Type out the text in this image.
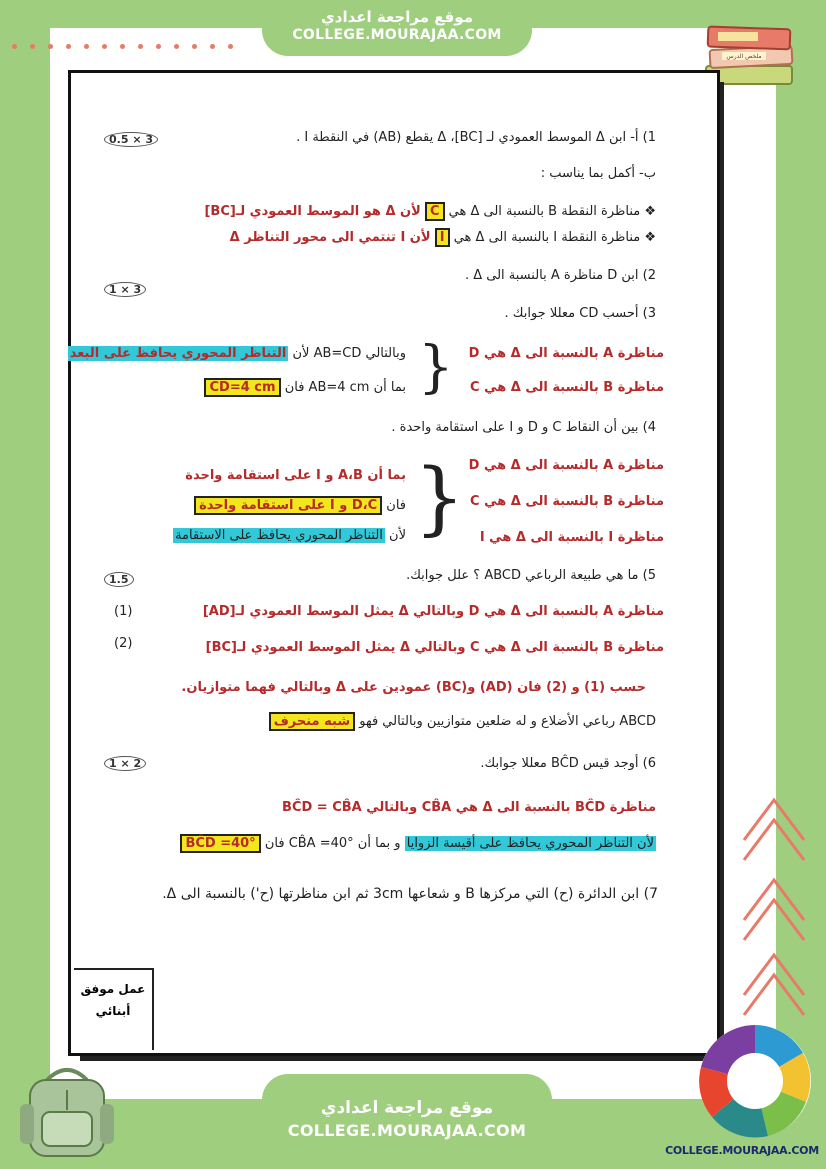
موقع مراجعة اعدادي
COLLEGE.MOURAJAA.COM
ملخص الدرس
0.5 × 3	1) أ- ابن Δ الموسط العمودي لـ [BC]، Δ يقطع (AB) في النقطة I .
ب- أكمل بما يناسب :
❖ مناظرة النقطة B بالنسبة الى Δ هي C لأن Δ هو الموسط العمودي لـ[BC]
❖ مناظرة النقطة I بالنسبة الى Δ هي I لأن I تنتمي الى محور التناظر Δ
1 × 3
2) ابن D مناظرة A بالنسبة الى Δ .
3) أحسب CD معللا جوابك .
مناظرة A بالنسبة الى Δ هي D
مناظرة B بالنسبة الى Δ هي C
{
وبالتالي AB=CD لأن التناظر المحوري يحافظ على البعد
بما أن AB=4 cm فان CD=4 cm
4) بين أن النقاط C و D و I على استقامة واحدة .
مناظرة A بالنسبة الى Δ هي D
مناظرة B بالنسبة الى Δ هي C
مناظرة I بالنسبة الى Δ هي I
{
بما أن A،B و I على استقامة واحدة
فان D،C و I على استقامة واحدة
لأن التناظر المحوري يحافظ على الاستقامة
1.5	5) ما هي طبيعة الرباعي ABCD ؟ علل جوابك.
(1)
(2)
مناظرة A بالنسبة الى Δ هي D وبالتالي Δ يمثل الموسط العمودي لـ[AD]
مناظرة B بالنسبة الى Δ هي C وبالتالي Δ يمثل الموسط العمودي لـ[BC]
حسب (1) و (2) فان (AD) و(BC) عمودين على Δ وبالتالي فهما متوازيان.
ABCD رباعي الأضلاع و له ضلعين متوازيين وبالتالي فهو شبه منحرف
1 × 2	6) أوجد قيس BĈD معللا جوابك.
مناظرة BĈD بالنسبة الى Δ هي CB̂A وبالتالي BĈD = CB̂A
لأن التناظر المحوري يحافظ على أقيسة الزوايا و بما أن CB̂A =40° فان BĈD =40°
7) ابن الدائرة (ح) التي مركزها B و شعاعها 3cm ثم ابن مناظرتها (ح') بالنسبة الى Δ.
عمل موفق
أبنائي
موقع مراجعة اعدادي
COLLEGE.MOURAJAA.COM
COLLEGE.MOURAJAA.COM
